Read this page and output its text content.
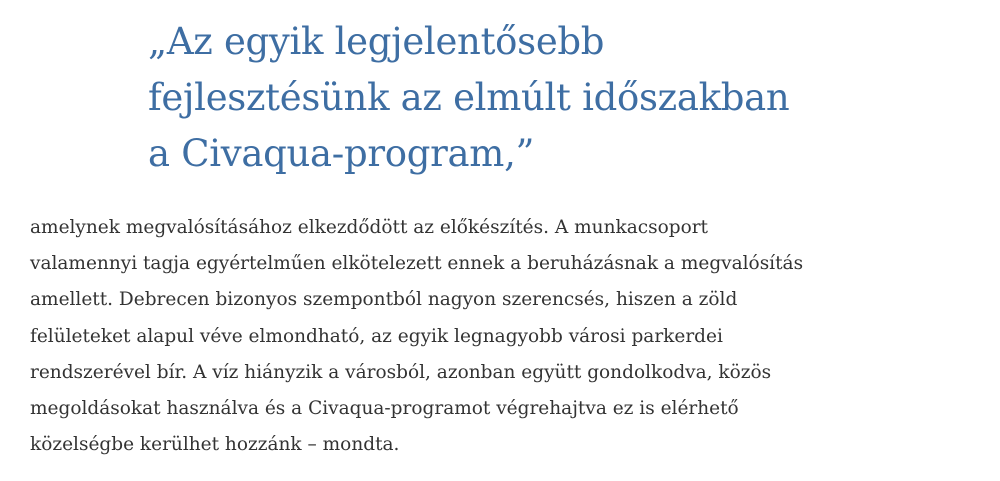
„Az egyik legjelentősebb
fejlesztésünk az elmúlt időszakban
a Civaqua-program,”

amelynek megvalósításához elkezdődött az előkészítés. A munkacsoport
valamennyi tagja egyértelműen elkötelezett ennek a beruházásnak a megvalósítás
amellett. Debrecen bizonyos szempontból nagyon szerencsés, hiszen a zöld
felületeket alapul véve elmondható, az egyik legnagyobb városi parkerdei
rendszerével bír. A víz hiányzik a városból, azonban együtt gondolkodva, közös
megoldásokat használva és a Civaqua-programot végrehajtva ez is elérhető
közelségbe kerülhet hozzánk – mondta.
